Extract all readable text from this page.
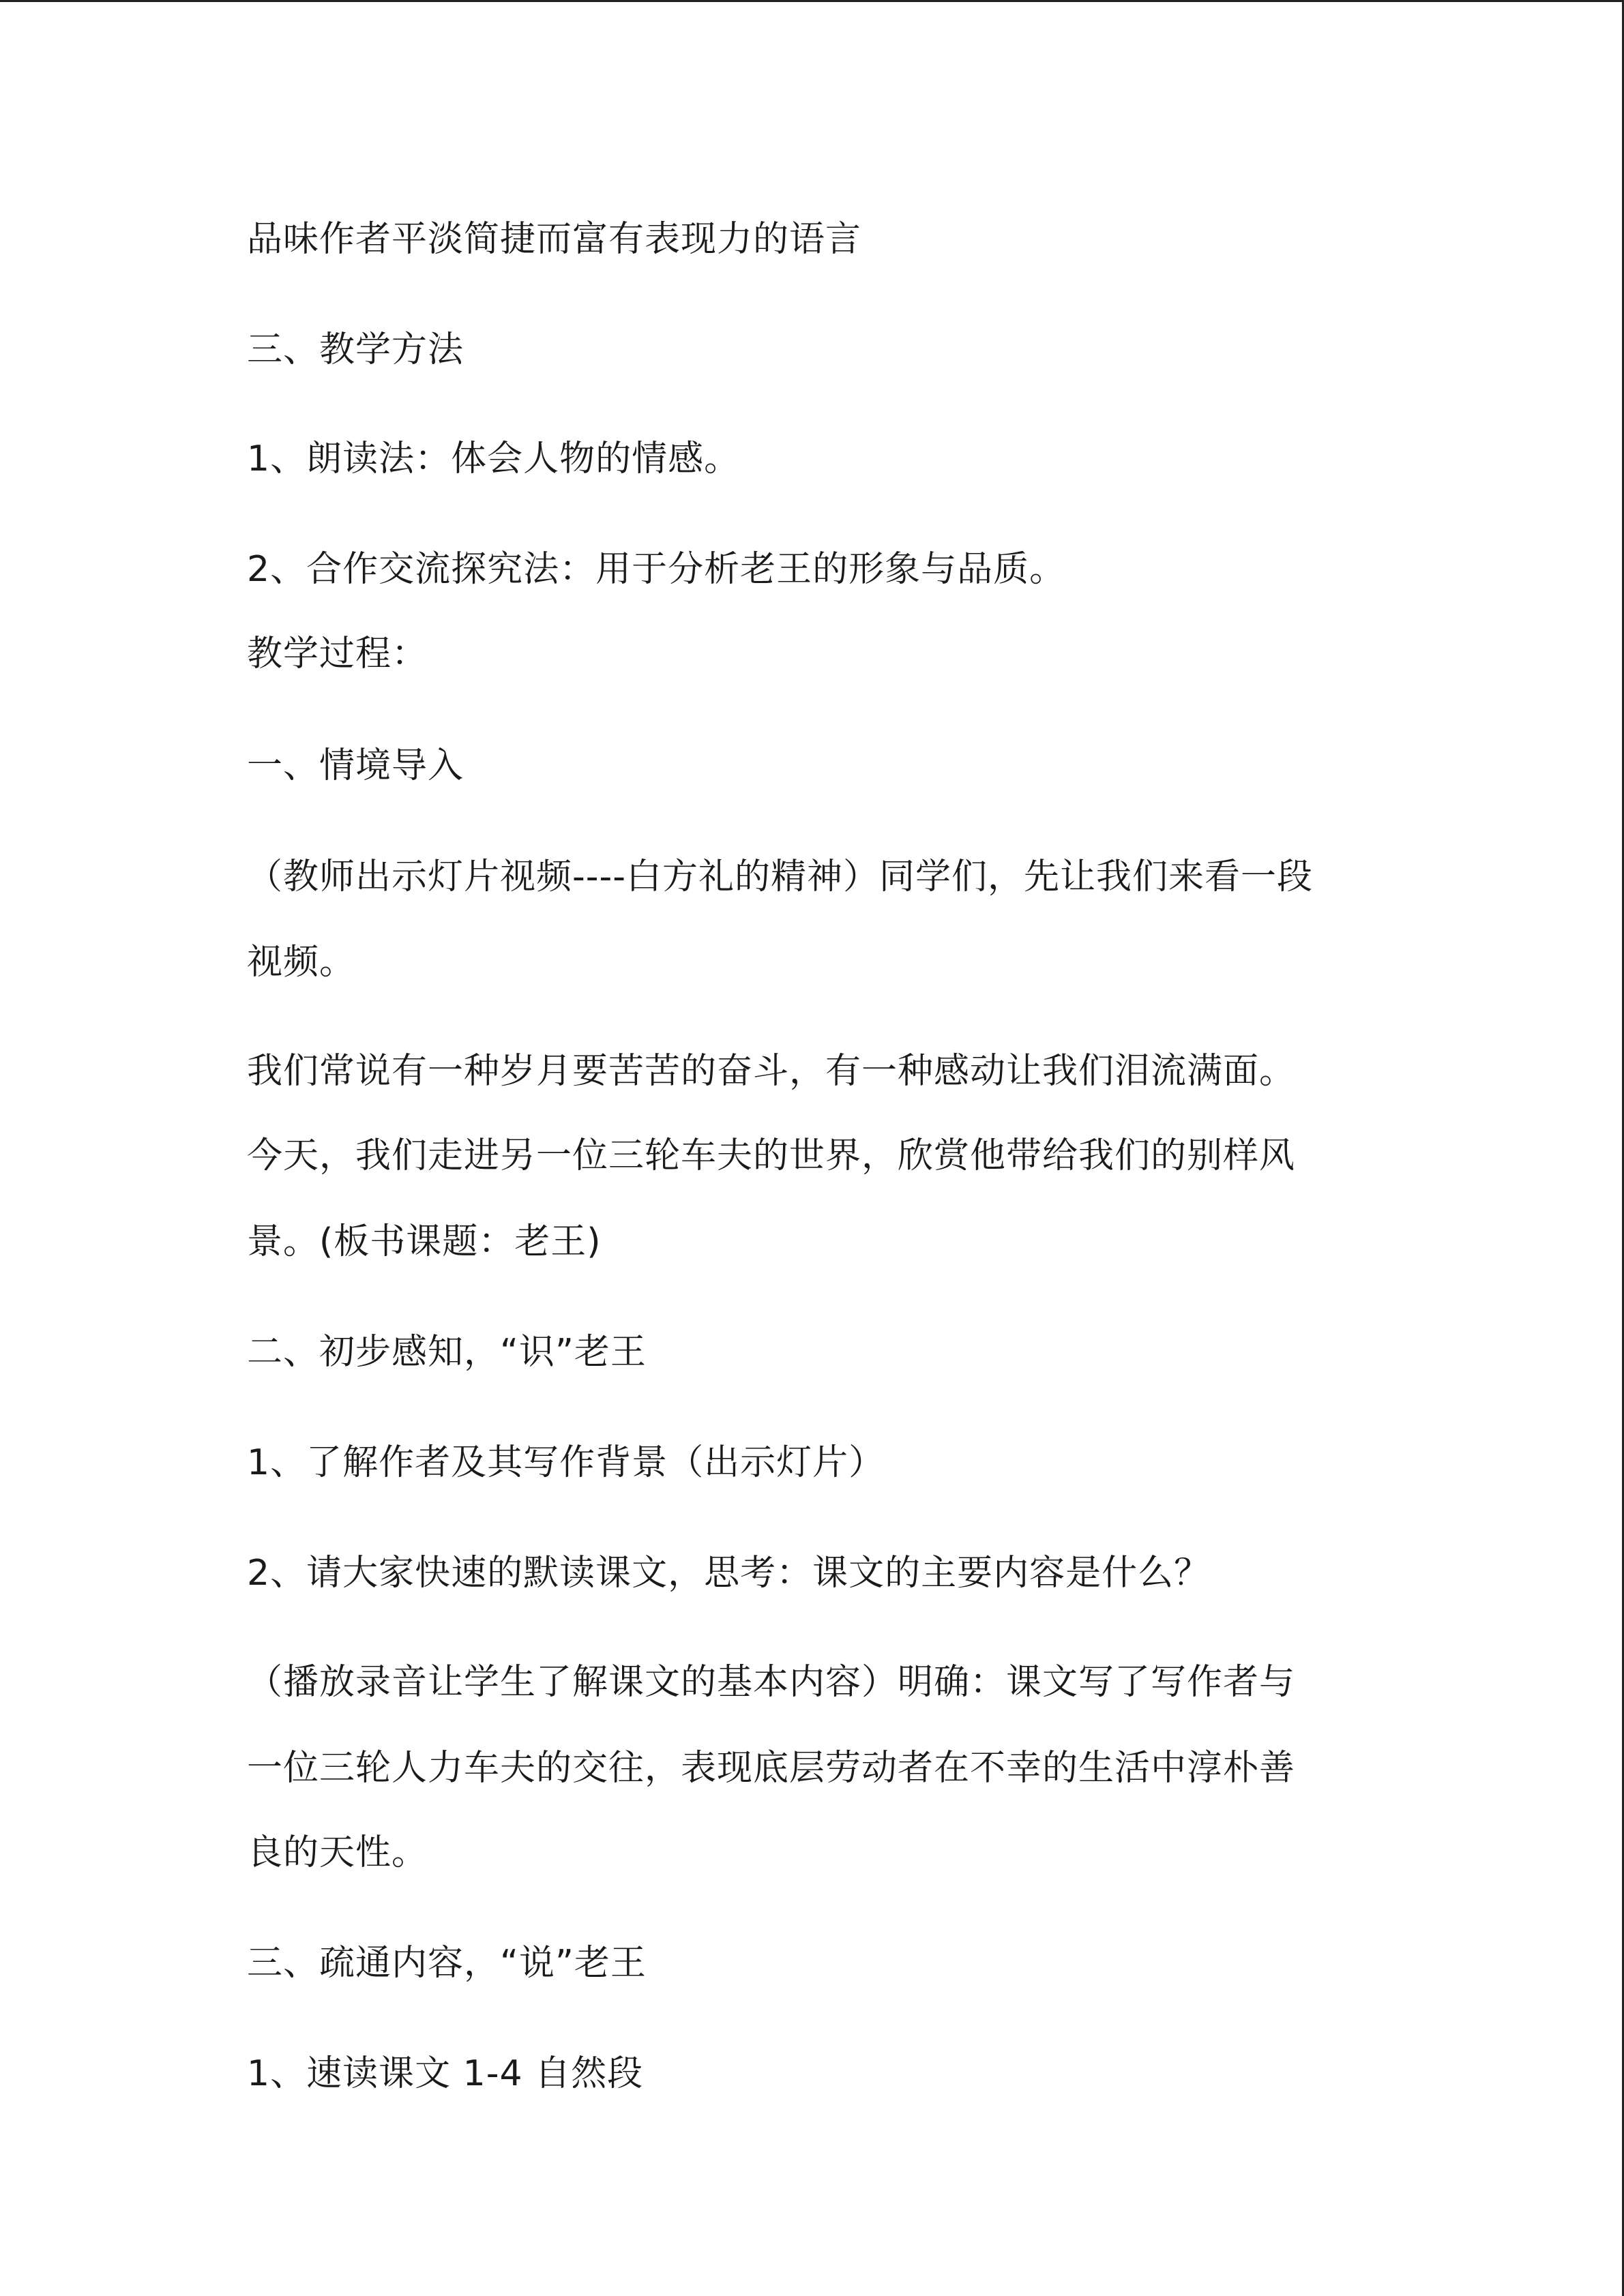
品味作者平淡简捷而富有表现力的语言
三、教学方法
1、朗读法：体会人物的情感。
2、合作交流探究法：用于分析老王的形象与品质。
教学过程：
一、情境导入
（教师出示灯片视频----白方礼的精神）同学们，先让我们来看一段
视频。
我们常说有一种岁月要苦苦的奋斗，有一种感动让我们泪流满面。
今天，我们走进另一位三轮车夫的世界，欣赏他带给我们的别样风
景。(板书课题：老王)
二、初步感知，“识”老王
1、了解作者及其写作背景（出示灯片）
2、请大家快速的默读课文，思考：课文的主要内容是什么？
（播放录音让学生了解课文的基本内容）明确：课文写了写作者与
一位三轮人力车夫的交往，表现底层劳动者在不幸的生活中淳朴善
良的天性。
三、疏通内容，“说”老王
1、速读课文 1-4 自然段
